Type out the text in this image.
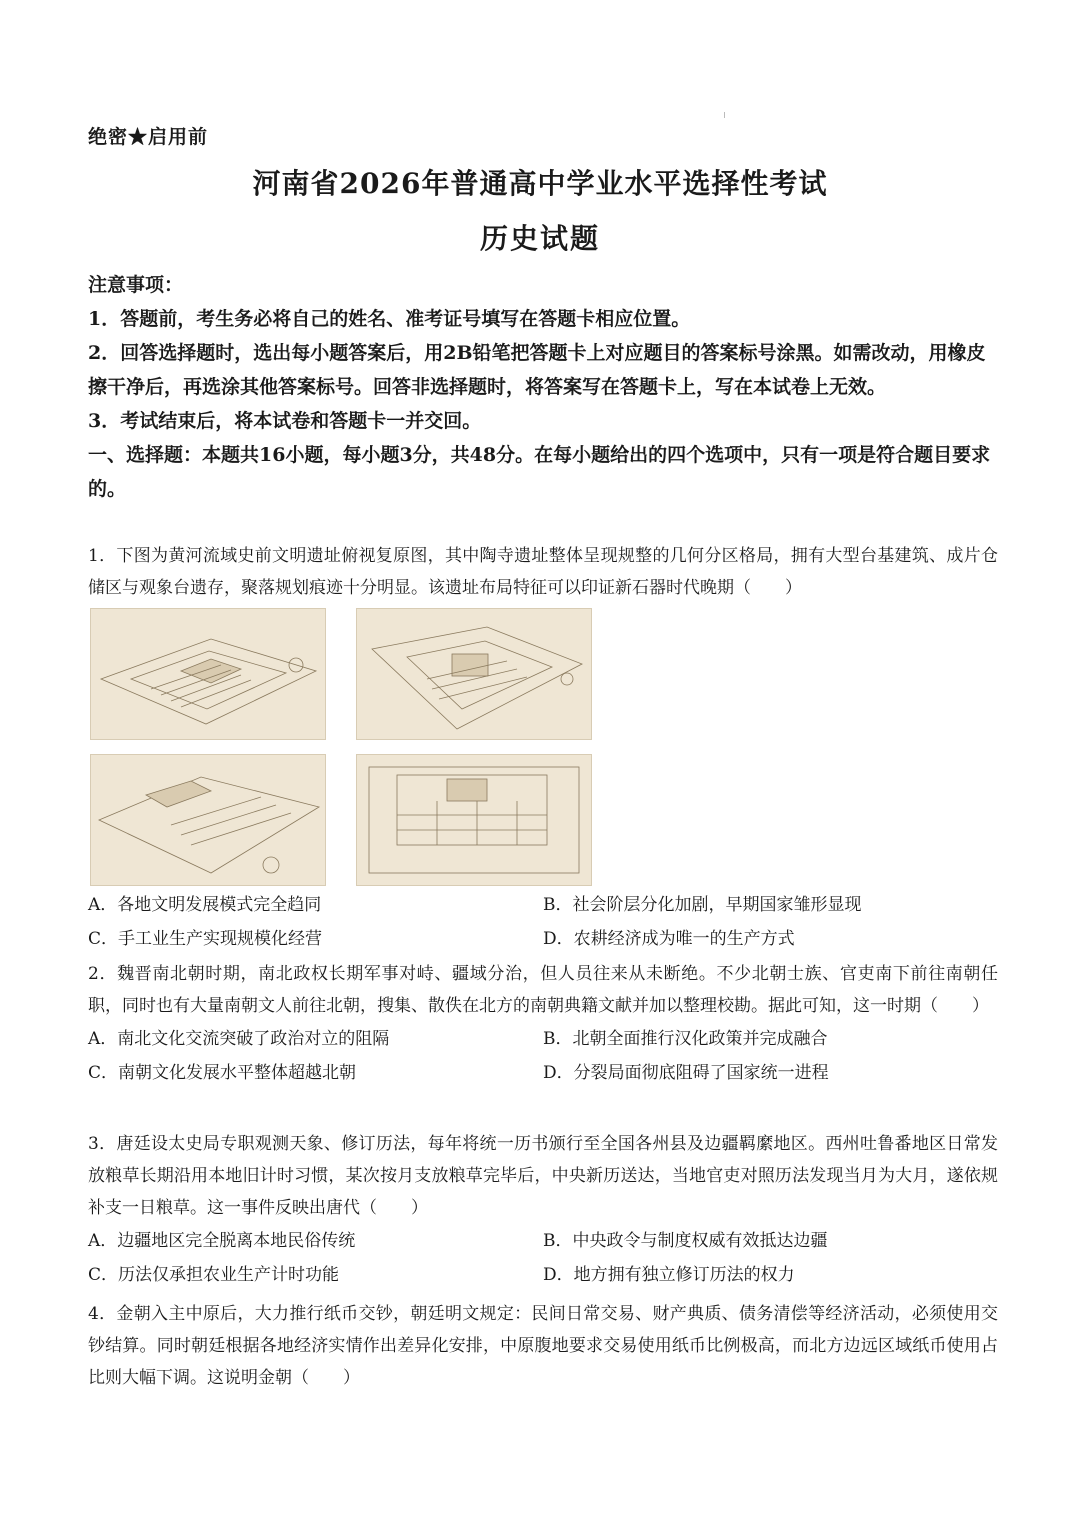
绝密★启用前
河南省2026年普通高中学业水平选择性考试
历史试题

注意事项：

1．答题前，考生务必将自己的姓名、准考证号填写在答题卡相应位置。

2．回答选择题时，选出每小题答案后，用2B铅笔把答题卡上对应题目的答案标号涂黑。如需改动，用橡皮擦干净后，再选涂其他答案标号。回答非选择题时，将答案写在答题卡上，写在本试卷上无效。

3．考试结束后，将本试卷和答题卡一并交回。

一、选择题：本题共16小题，每小题3分，共48分。在每小题给出的四个选项中，只有一项是符合题目要求的。

1．下图为黄河流域史前文明遗址俯视复原图，其中陶寺遗址整体呈现规整的几何分区格局，拥有大型台基建筑、成片仓储区与观象台遗存，聚落规划痕迹十分明显。该遗址布局特征可以印证新石器时代晚期（　　）

A．各地文明发展模式完全趋同	B．社会阶层分化加剧，早期国家雏形显现
C．手工业生产实现规模化经营	D．农耕经济成为唯一的生产方式

2．魏晋南北朝时期，南北政权长期军事对峙、疆域分治，但人员往来从未断绝。不少北朝士族、官吏南下前往南朝任职，同时也有大量南朝文人前往北朝，搜集、散佚在北方的南朝典籍文献并加以整理校勘。据此可知，这一时期（　　）

A．南北文化交流突破了政治对立的阻隔	B．北朝全面推行汉化政策并完成融合
C．南朝文化发展水平整体超越北朝	D．分裂局面彻底阻碍了国家统一进程

3．唐廷设太史局专职观测天象、修订历法，每年将统一历书颁行至全国各州县及边疆羁縻地区。西州吐鲁番地区日常发放粮草长期沿用本地旧计时习惯，某次按月支放粮草完毕后，中央新历送达，当地官吏对照历法发现当月为大月，遂依规补支一日粮草。这一事件反映出唐代（　　）

A．边疆地区完全脱离本地民俗传统	B．中央政令与制度权威有效抵达边疆
C．历法仅承担农业生产计时功能	D．地方拥有独立修订历法的权力

4．金朝入主中原后，大力推行纸币交钞，朝廷明文规定：民间日常交易、财产典质、债务清偿等经济活动，必须使用交钞结算。同时朝廷根据各地经济实情作出差异化安排，中原腹地要求交易使用纸币比例极高，而北方边远区域纸币使用占比则大幅下调。这说明金朝（　　）
